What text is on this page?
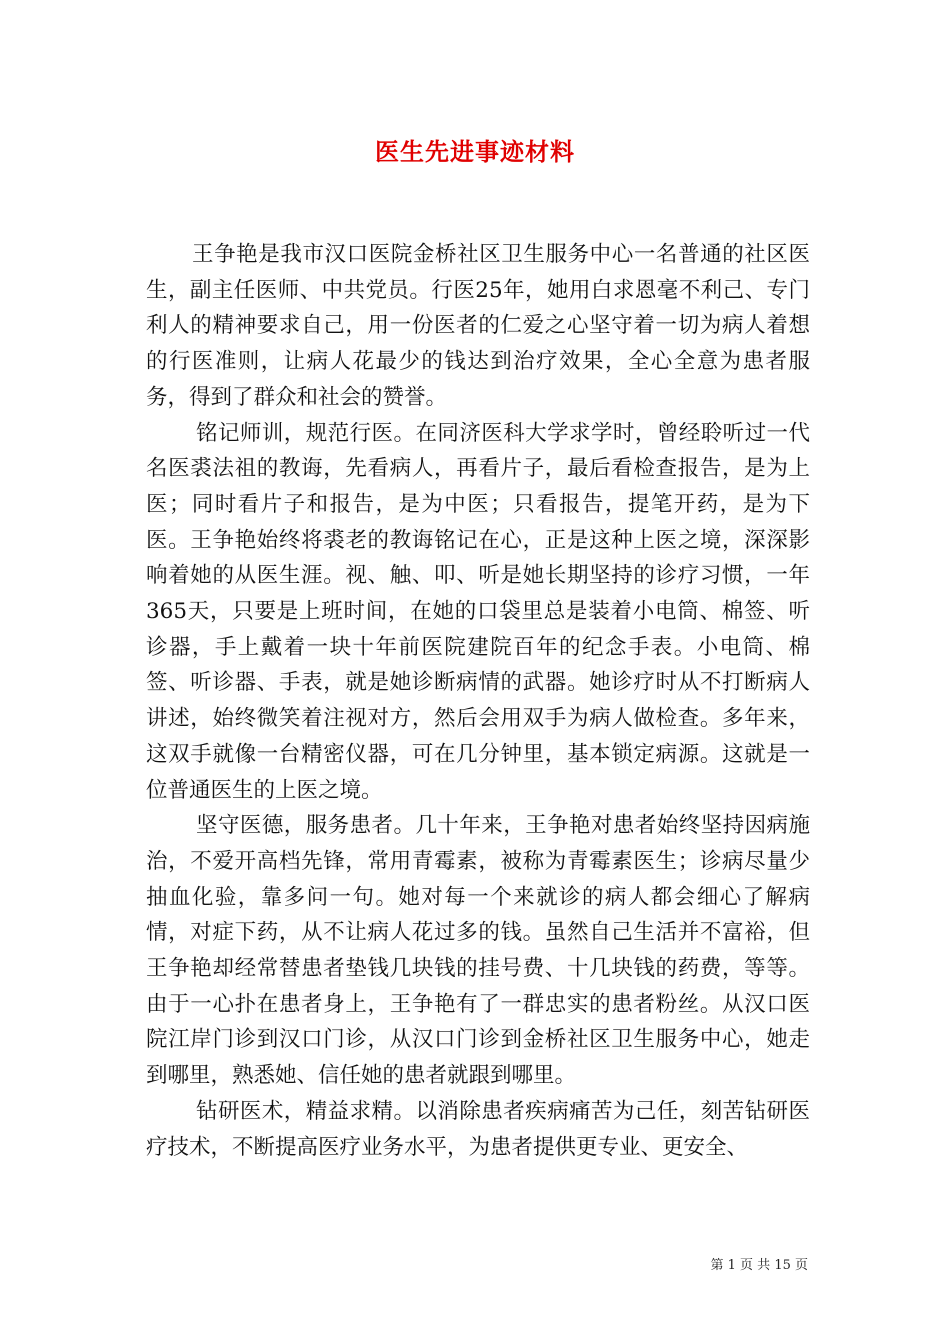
医生先进事迹材料

王争艳是我市汉口医院金桥社区卫生服务中心一名普通的社区医生，副主任医师、中共党员。行医25年，她用白求恩毫不利己、专门利人的精神要求自己，用一份医者的仁爱之心坚守着一切为病人着想的行医准则，让病人花最少的钱达到治疗效果，全心全意为患者服务，得到了群众和社会的赞誉。

铭记师训，规范行医。在同济医科大学求学时，曾经聆听过一代名医裘法祖的教诲，先看病人，再看片子，最后看检查报告，是为上医；同时看片子和报告，是为中医；只看报告，提笔开药，是为下医。王争艳始终将裘老的教诲铭记在心，正是这种上医之境，深深影响着她的从医生涯。视、触、叩、听是她长期坚持的诊疗习惯，一年365天，只要是上班时间，在她的口袋里总是装着小电筒、棉签、听诊器，手上戴着一块十年前医院建院百年的纪念手表。小电筒、棉签、听诊器、手表，就是她诊断病情的武器。她诊疗时从不打断病人讲述，始终微笑着注视对方，然后会用双手为病人做检查。多年来，这双手就像一台精密仪器，可在几分钟里，基本锁定病源。这就是一位普通医生的上医之境。

坚守医德，服务患者。几十年来，王争艳对患者始终坚持因病施治，不爱开高档先锋，常用青霉素，被称为青霉素医生；诊病尽量少抽血化验，靠多问一句。她对每一个来就诊的病人都会细心了解病情，对症下药，从不让病人花过多的钱。虽然自己生活并不富裕，但王争艳却经常替患者垫钱几块钱的挂号费、十几块钱的药费，等等。由于一心扑在患者身上，王争艳有了一群忠实的患者粉丝。从汉口医院江岸门诊到汉口门诊，从汉口门诊到金桥社区卫生服务中心，她走到哪里，熟悉她、信任她的患者就跟到哪里。

钻研医术，精益求精。以消除患者疾病痛苦为己任，刻苦钻研医疗技术，不断提高医疗业务水平，为患者提供更专业、更安全、

第 1 页 共 15 页
